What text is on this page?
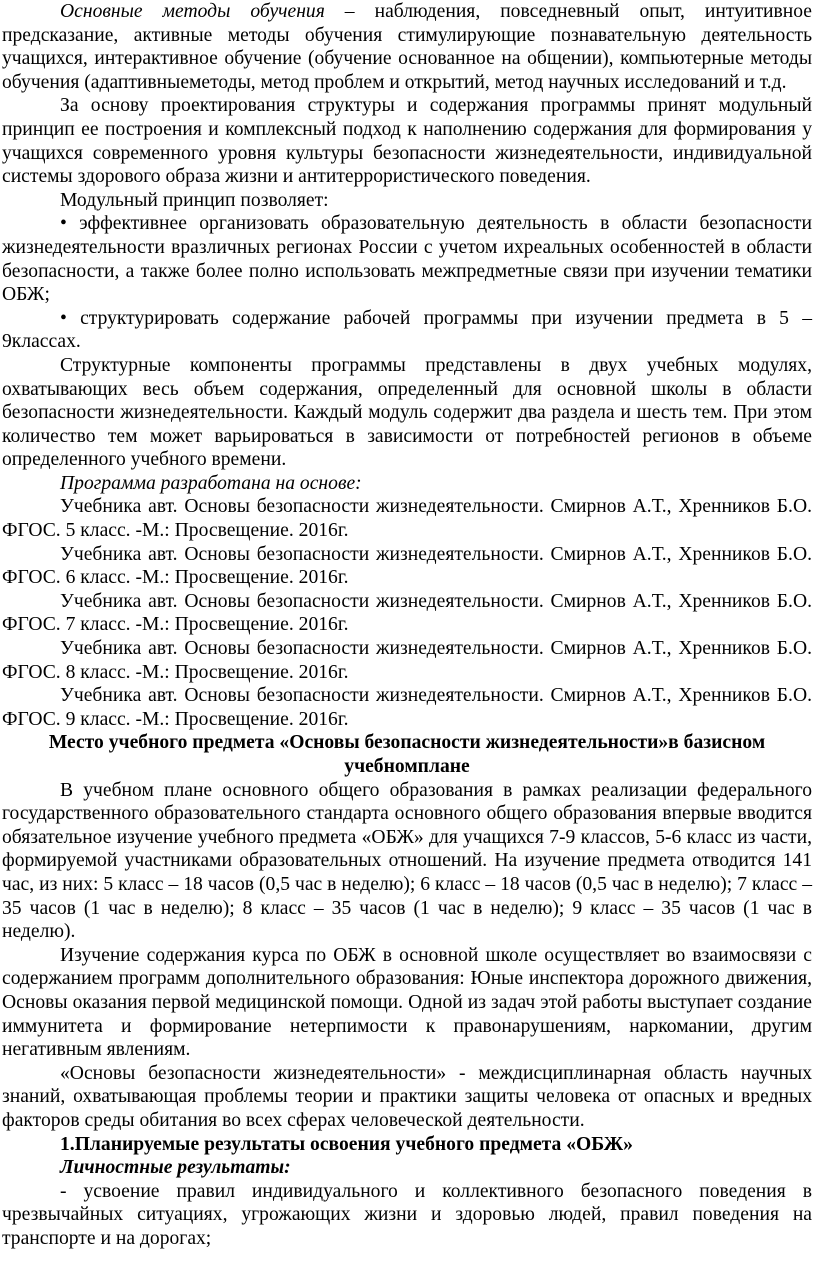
Основные методы обучения – наблюдения, повседневный опыт, интуитивное предсказание, активные методы обучения стимулирующие познавательную деятельность учащихся, интерактивное обучение (обучение основанное на общении), компьютерные методы обучения (адаптивныеметоды, метод проблем и открытий, метод научных исследований и т.д.

За основу проектирования структуры и содержания программы принят модульный принцип ее построения и комплексный подход к наполнению содержания для формирования у учащихся современного уровня культуры безопасности жизнедеятельности, индивидуальной системы здорового образа жизни и антитеррористического поведения.

Модульный принцип позволяет:

• эффективнее организовать образовательную деятельность в области безопасности жизнедеятельности вразличных регионах России с учетом ихреальных особенностей в области безопасности, а также более полно использовать межпредметные связи при изучении тематики ОБЖ;

• структурировать содержание рабочей программы при изучении предмета в 5 – 9классах.

Структурные компоненты программы представлены в двух учебных модулях, охватывающих весь объем содержания, определенный для основной школы в области безопасности жизнедеятельности. Каждый модуль содержит два раздела и шесть тем. При этом количество тем может варьироваться в зависимости от потребностей регионов в объеме определенного учебного времени.

Программа разработана на основе:

Учебника авт. Основы безопасности жизнедеятельности. Смирнов А.Т., Хренников Б.О. ФГОС. 5 класс. -М.: Просвещение. 2016г.

Учебника авт. Основы безопасности жизнедеятельности. Смирнов А.Т., Хренников Б.О. ФГОС. 6 класс. -М.: Просвещение. 2016г.

Учебника авт. Основы безопасности жизнедеятельности. Смирнов А.Т., Хренников Б.О. ФГОС. 7 класс. -М.: Просвещение. 2016г.

Учебника авт. Основы безопасности жизнедеятельности. Смирнов А.Т., Хренников Б.О. ФГОС. 8 класс. -М.: Просвещение. 2016г.

Учебника авт. Основы безопасности жизнедеятельности. Смирнов А.Т., Хренников Б.О. ФГОС. 9 класс. -М.: Просвещение. 2016г.

Место учебного предмета «Основы безопасности жизнедеятельности»в базисном учебномплане

В учебном плане основного общего образования в рамках реализации федерального государственного образовательного стандарта основного общего образования впервые вводится обязательное изучение учебного предмета «ОБЖ» для учащихся 7-9 классов, 5-6 класс из части, формируемой участниками образовательных отношений. На изучение предмета отводится 141 час, из них: 5 класс – 18 часов (0,5 час в неделю); 6 класс – 18 часов (0,5 час в неделю); 7 класс – 35 часов (1 час в неделю); 8 класс – 35 часов (1 час в неделю); 9 класс – 35 часов (1 час в неделю).

Изучение содержания курса по ОБЖ в основной школе осуществляет во взаимосвязи с содержанием программ дополнительного образования: Юные инспектора дорожного движения, Основы оказания первой медицинской помощи. Одной из задач этой работы выступает создание иммунитета и формирование нетерпимости к правонарушениям, наркомании, другим негативным явлениям.

«Основы безопасности жизнедеятельности» - междисциплинарная область научных знаний, охватывающая проблемы теории и практики защиты человека от опасных и вредных факторов среды обитания во всех сферах человеческой деятельности.

1.Планируемые результаты освоения учебного предмета «ОБЖ»

Личностные результаты:

- усвоение правил индивидуального и коллективного безопасного поведения в чрезвычайных ситуациях, угрожающих жизни и здоровью людей, правил поведения на транспорте и на дорогах;
